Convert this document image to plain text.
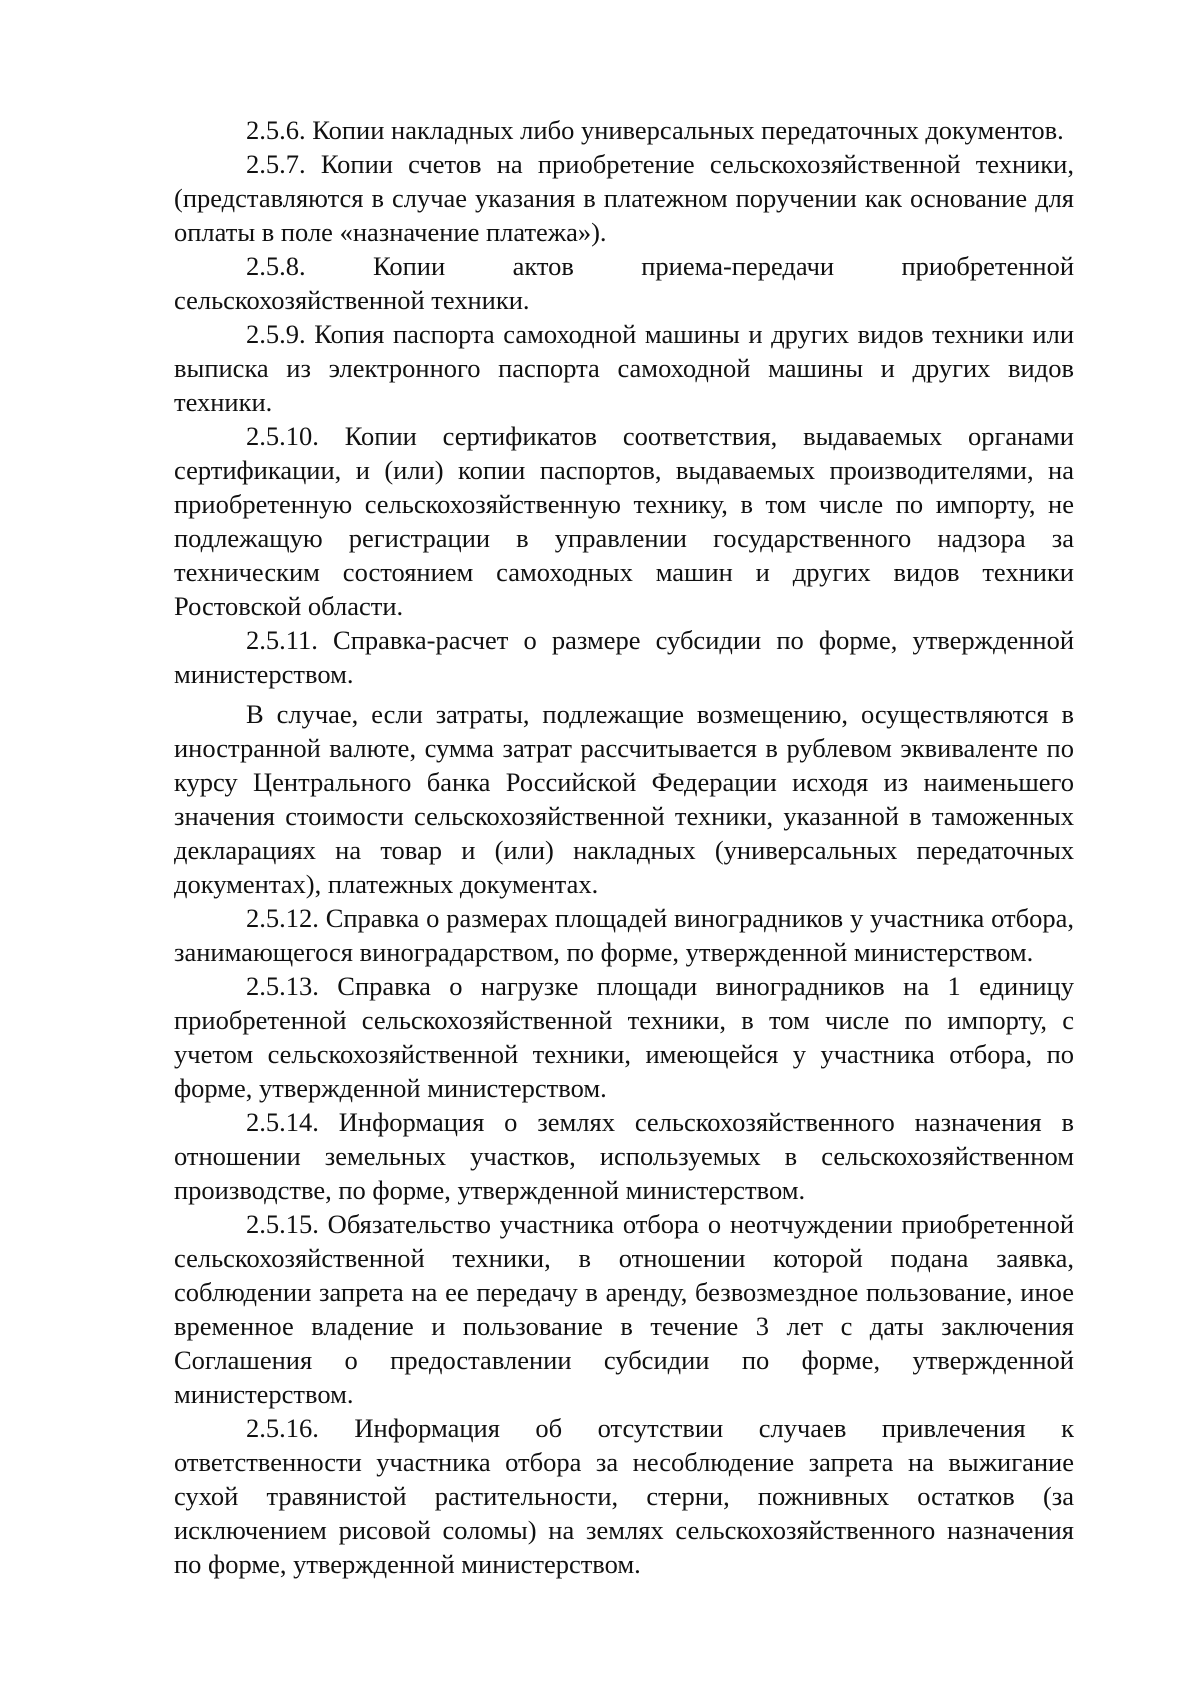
2.5.6. Копии накладных либо универсальных передаточных документов.

2.5.7. Копии счетов на приобретение сельскохозяйственной техники, (представляются в случае указания в платежном поручении как основание для оплаты в поле «назначение платежа»).

2.5.8. Копии актов приема-передачи приобретенной сельскохозяйственной техники.

2.5.9. Копия паспорта самоходной машины и других видов техники или выписка из электронного паспорта самоходной машины и других видов техники.

2.5.10. Копии сертификатов соответствия, выдаваемых органами сертификации, и (или) копии паспортов, выдаваемых производителями, на приобретенную сельскохозяйственную технику, в том числе по импорту, не подлежащую регистрации в управлении государственного надзора за техническим состоянием самоходных машин и других видов техники Ростовской области.

2.5.11. Справка-расчет о размере субсидии по форме, утвержденной министерством.

В случае, если затраты, подлежащие возмещению, осуществляются в иностранной валюте, сумма затрат рассчитывается в рублевом эквиваленте по курсу Центрального банка Российской Федерации исходя из наименьшего значения стоимости сельскохозяйственной техники, указанной в таможенных декларациях на товар и (или) накладных (универсальных передаточных документах), платежных документах.

2.5.12. Справка о размерах площадей виноградников у участника отбора, занимающегося виноградарством, по форме, утвержденной министерством.

2.5.13. Справка о нагрузке площади виноградников на 1 единицу приобретенной сельскохозяйственной техники, в том числе по импорту, с учетом сельскохозяйственной техники, имеющейся у участника отбора, по форме, утвержденной министерством.

2.5.14. Информация о землях сельскохозяйственного назначения в отношении земельных участков, используемых в сельскохозяйственном производстве, по форме, утвержденной министерством.

2.5.15. Обязательство участника отбора о неотчуждении приобретенной сельскохозяйственной техники, в отношении которой подана заявка, соблюдении запрета на ее передачу в аренду, безвозмездное пользование, иное временное владение и пользование в течение 3 лет с даты заключения Соглашения о предоставлении субсидии по форме, утвержденной министерством.

2.5.16. Информация об отсутствии случаев привлечения к ответственности участника отбора за несоблюдение запрета на выжигание сухой травянистой растительности, стерни, пожнивных остатков (за исключением рисовой соломы) на землях сельскохозяйственного назначения по форме, утвержденной министерством.
